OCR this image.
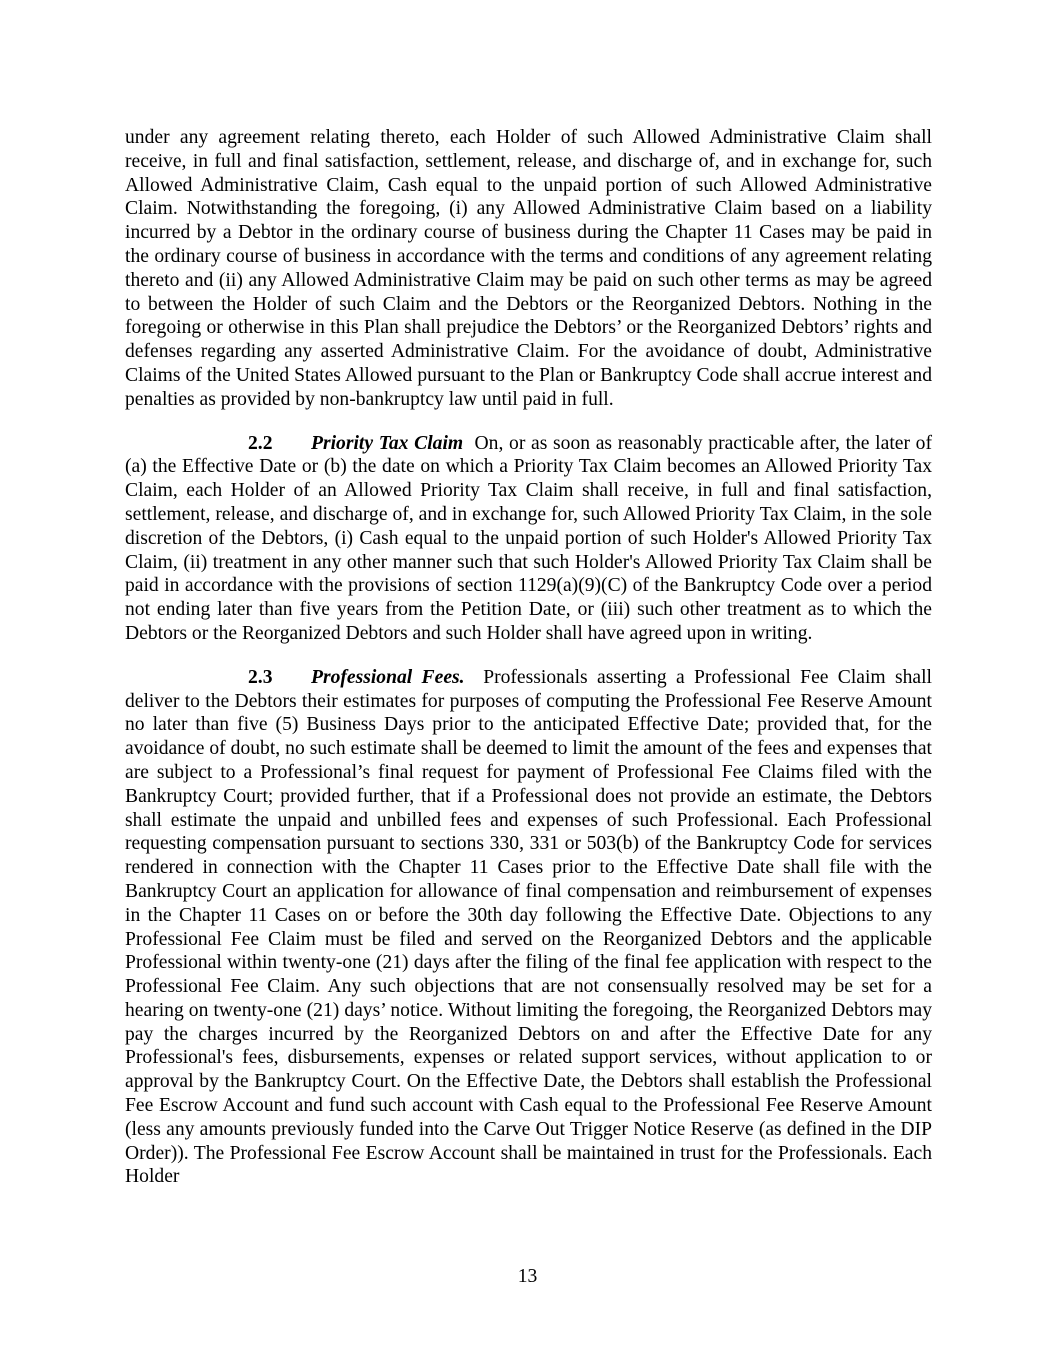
under any agreement relating thereto, each Holder of such Allowed Administrative Claim shall receive, in full and final satisfaction, settlement, release, and discharge of, and in exchange for, such Allowed Administrative Claim, Cash equal to the unpaid portion of such Allowed Administrative Claim. Notwithstanding the foregoing, (i) any Allowed Administrative Claim based on a liability incurred by a Debtor in the ordinary course of business during the Chapter 11 Cases may be paid in the ordinary course of business in accordance with the terms and conditions of any agreement relating thereto and (ii) any Allowed Administrative Claim may be paid on such other terms as may be agreed to between the Holder of such Claim and the Debtors or the Reorganized Debtors. Nothing in the foregoing or otherwise in this Plan shall prejudice the Debtors’ or the Reorganized Debtors’ rights and defenses regarding any asserted Administrative Claim. For the avoidance of doubt, Administrative Claims of the United States Allowed pursuant to the Plan or Bankruptcy Code shall accrue interest and penalties as provided by non-bankruptcy law until paid in full.

2.2 Priority Tax Claim On, or as soon as reasonably practicable after, the later of (a) the Effective Date or (b) the date on which a Priority Tax Claim becomes an Allowed Priority Tax Claim, each Holder of an Allowed Priority Tax Claim shall receive, in full and final satisfaction, settlement, release, and discharge of, and in exchange for, such Allowed Priority Tax Claim, in the sole discretion of the Debtors, (i) Cash equal to the unpaid portion of such Holder's Allowed Priority Tax Claim, (ii) treatment in any other manner such that such Holder's Allowed Priority Tax Claim shall be paid in accordance with the provisions of section 1129(a)(9)(C) of the Bankruptcy Code over a period not ending later than five years from the Petition Date, or (iii) such other treatment as to which the Debtors or the Reorganized Debtors and such Holder shall have agreed upon in writing.

2.3 Professional Fees. Professionals asserting a Professional Fee Claim shall deliver to the Debtors their estimates for purposes of computing the Professional Fee Reserve Amount no later than five (5) Business Days prior to the anticipated Effective Date; provided that, for the avoidance of doubt, no such estimate shall be deemed to limit the amount of the fees and expenses that are subject to a Professional’s final request for payment of Professional Fee Claims filed with the Bankruptcy Court; provided further, that if a Professional does not provide an estimate, the Debtors shall estimate the unpaid and unbilled fees and expenses of such Professional. Each Professional requesting compensation pursuant to sections 330, 331 or 503(b) of the Bankruptcy Code for services rendered in connection with the Chapter 11 Cases prior to the Effective Date shall file with the Bankruptcy Court an application for allowance of final compensation and reimbursement of expenses in the Chapter 11 Cases on or before the 30th day following the Effective Date. Objections to any Professional Fee Claim must be filed and served on the Reorganized Debtors and the applicable Professional within twenty-one (21) days after the filing of the final fee application with respect to the Professional Fee Claim. Any such objections that are not consensually resolved may be set for a hearing on twenty-one (21) days’ notice. Without limiting the foregoing, the Reorganized Debtors may pay the charges incurred by the Reorganized Debtors on and after the Effective Date for any Professional's fees, disbursements, expenses or related support services, without application to or approval by the Bankruptcy Court. On the Effective Date, the Debtors shall establish the Professional Fee Escrow Account and fund such account with Cash equal to the Professional Fee Reserve Amount (less any amounts previously funded into the Carve Out Trigger Notice Reserve (as defined in the DIP Order)). The Professional Fee Escrow Account shall be maintained in trust for the Professionals. Each Holder

13
